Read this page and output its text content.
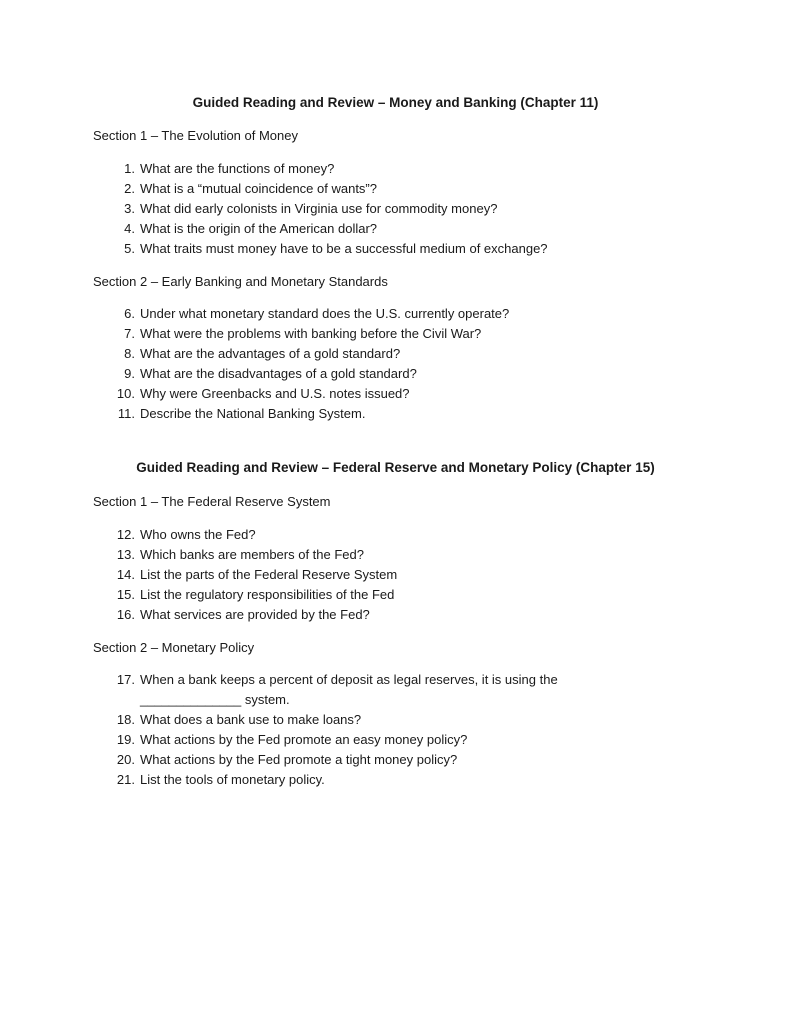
Guided Reading and Review – Money and Banking (Chapter 11)

Section 1 – The Evolution of Money

1. What are the functions of money?
2. What is a “mutual coincidence of wants”?
3. What did early colonists in Virginia use for commodity money?
4. What is the origin of the American dollar?
5. What traits must money have to be a successful medium of exchange?

Section 2 – Early Banking and Monetary Standards

6. Under what monetary standard does the U.S. currently operate?
7. What were the problems with banking before the Civil War?
8. What are the advantages of a gold standard?
9. What are the disadvantages of a gold standard?
10. Why were Greenbacks and U.S. notes issued?
11. Describe the National Banking System.
Guided Reading and Review – Federal Reserve and Monetary Policy (Chapter 15)

Section 1 – The Federal Reserve System

12. Who owns the Fed?
13. Which banks are members of the Fed?
14. List the parts of the Federal Reserve System
15. List the regulatory responsibilities of the Fed
16. What services are provided by the Fed?

Section 2 – Monetary Policy

17. When a bank keeps a percent of deposit as legal reserves, it is using the ______________ system.
18. What does a bank use to make loans?
19. What actions by the Fed promote an easy money policy?
20. What actions by the Fed promote a tight money policy?
21. List the tools of monetary policy.
